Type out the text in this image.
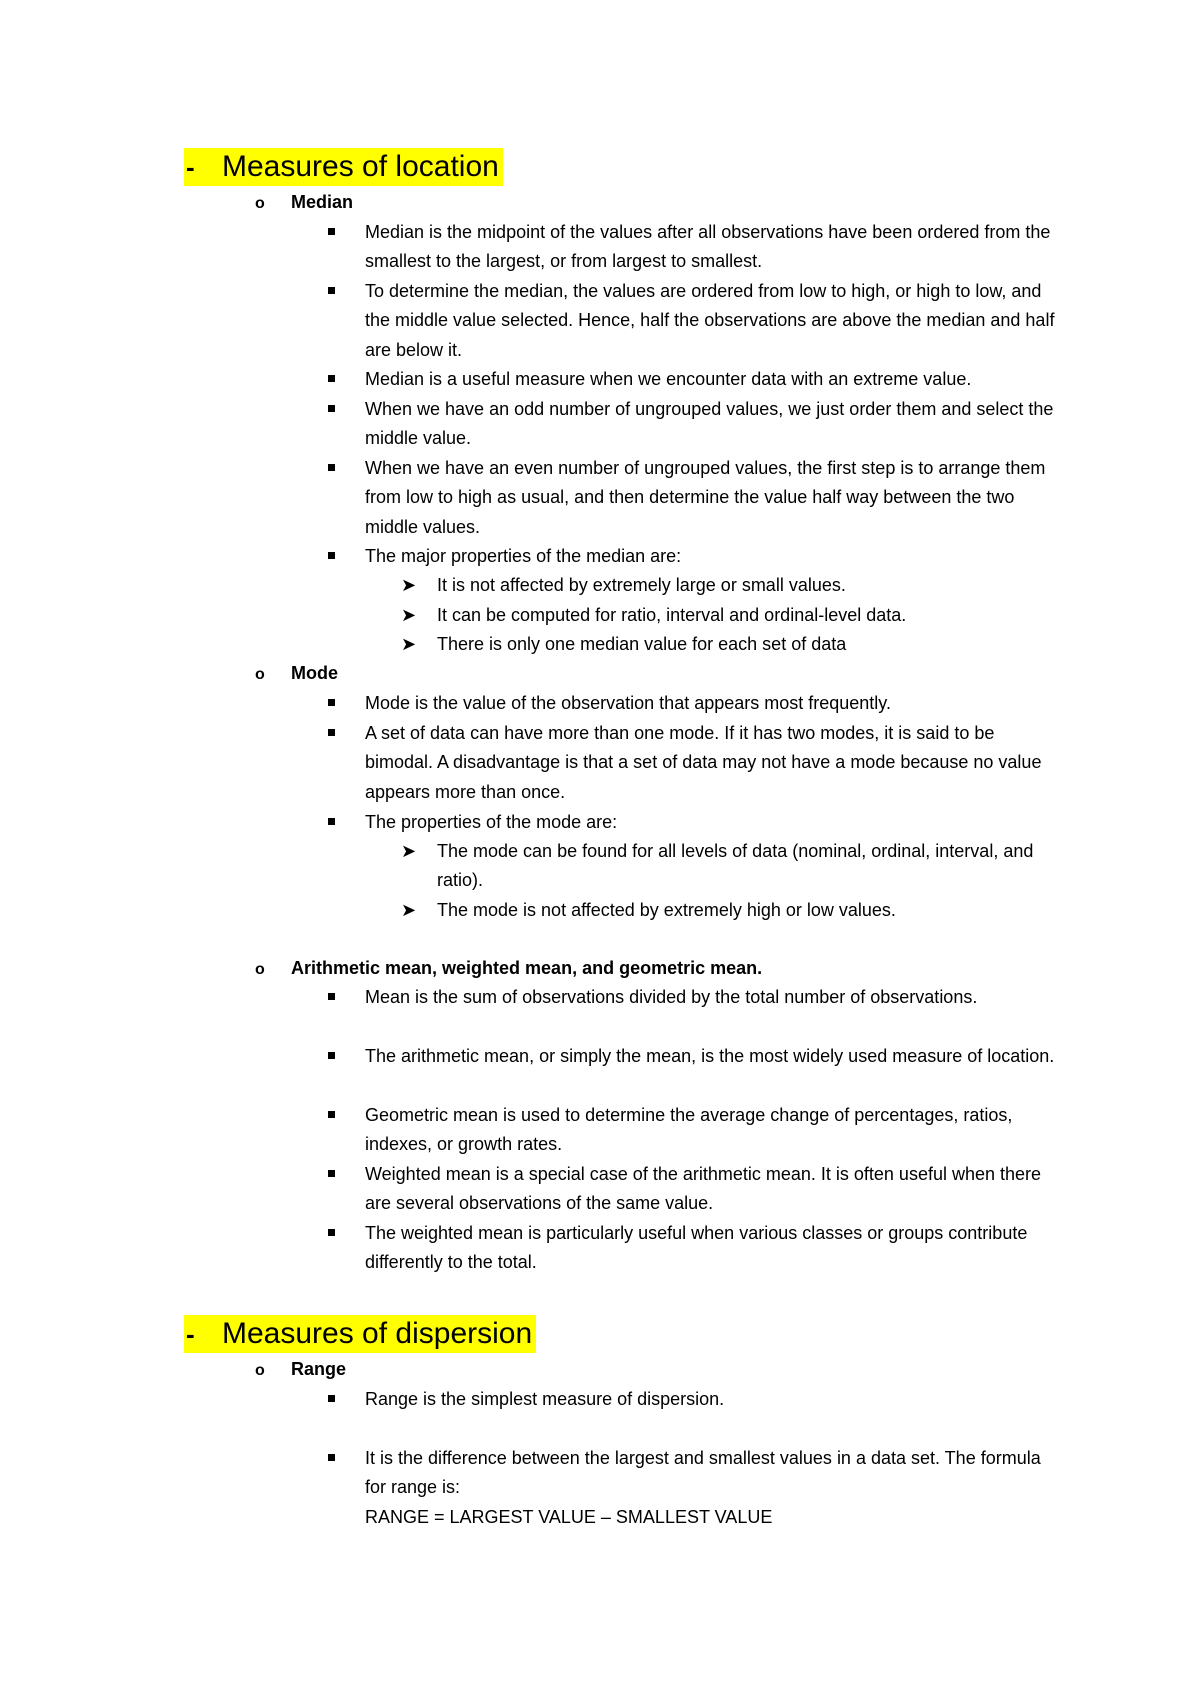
- Measures of location
o Median
Median is the midpoint of the values after all observations have been ordered from the smallest to the largest, or from largest to smallest.
To determine the median, the values are ordered from low to high, or high to low, and the middle value selected. Hence, half the observations are above the median and half are below it.
Median is a useful measure when we encounter data with an extreme value.
When we have an odd number of ungrouped values, we just order them and select the middle value.
When we have an even number of ungrouped values, the first step is to arrange them from low to high as usual, and then determine the value half way between the two middle values.
The major properties of the median are:
➤ It is not affected by extremely large or small values.
➤ It can be computed for ratio, interval and ordinal-level data.
➤ There is only one median value for each set of data
o Mode
Mode is the value of the observation that appears most frequently.
A set of data can have more than one mode. If it has two modes, it is said to be bimodal. A disadvantage is that a set of data may not have a mode because no value appears more than once.
The properties of the mode are:
➤ The mode can be found for all levels of data (nominal, ordinal, interval, and ratio).
➤ The mode is not affected by extremely high or low values.
o Arithmetic mean, weighted mean, and geometric mean.
Mean is the sum of observations divided by the total number of observations.
The arithmetic mean, or simply the mean, is the most widely used measure of location.
Geometric mean is used to determine the average change of percentages, ratios, indexes, or growth rates.
Weighted mean is a special case of the arithmetic mean. It is often useful when there are several observations of the same value.
The weighted mean is particularly useful when various classes or groups contribute differently to the total.
- Measures of dispersion
o Range
Range is the simplest measure of dispersion.
It is the difference between the largest and smallest values in a data set. The formula for range is:
RANGE = LARGEST VALUE – SMALLEST VALUE
